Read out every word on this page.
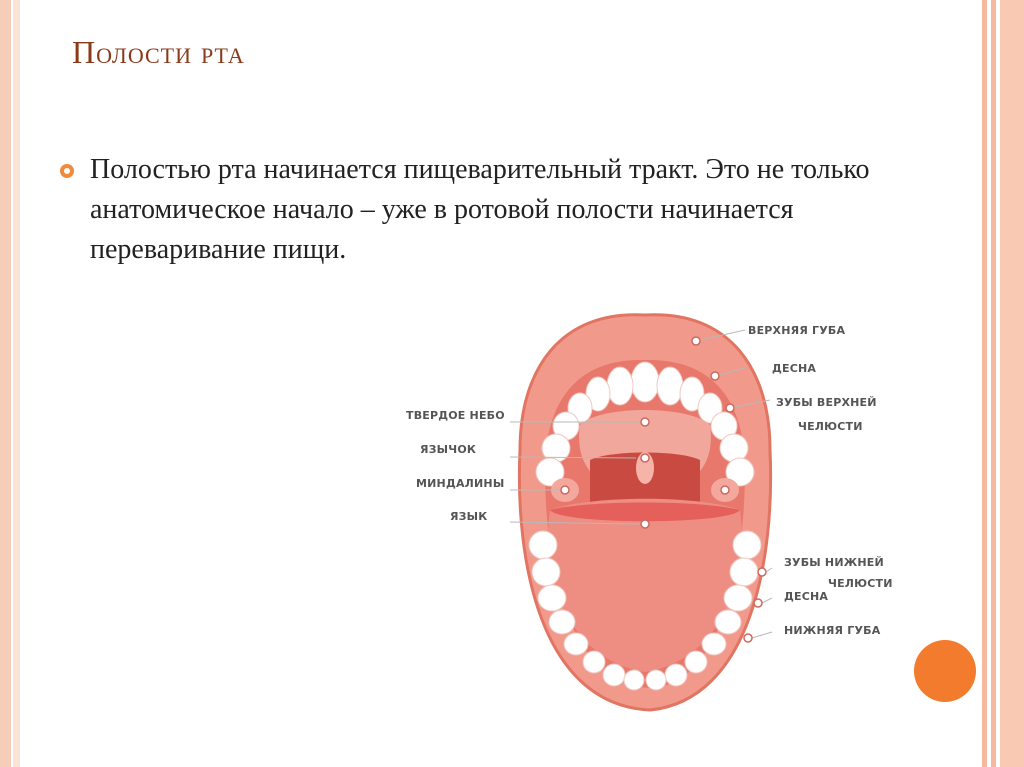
Полости рта

Полостью рта начинается пищеварительный тракт. Это не только анатомическое начало – уже в ротовой полости начинается переваривание пищи.

ВЕРХНЯЯ ГУБА
ДЕСНА
ЗУБЫ ВЕРХНЕЙ
ЧЕЛЮСТИ
ТВЕРДОЕ НЕБО
ЯЗЫЧОК
МИНДАЛИНЫ
ЯЗЫК
ЗУБЫ НИЖНЕЙ
ЧЕЛЮСТИ
ДЕСНА
НИЖНЯЯ ГУБА
